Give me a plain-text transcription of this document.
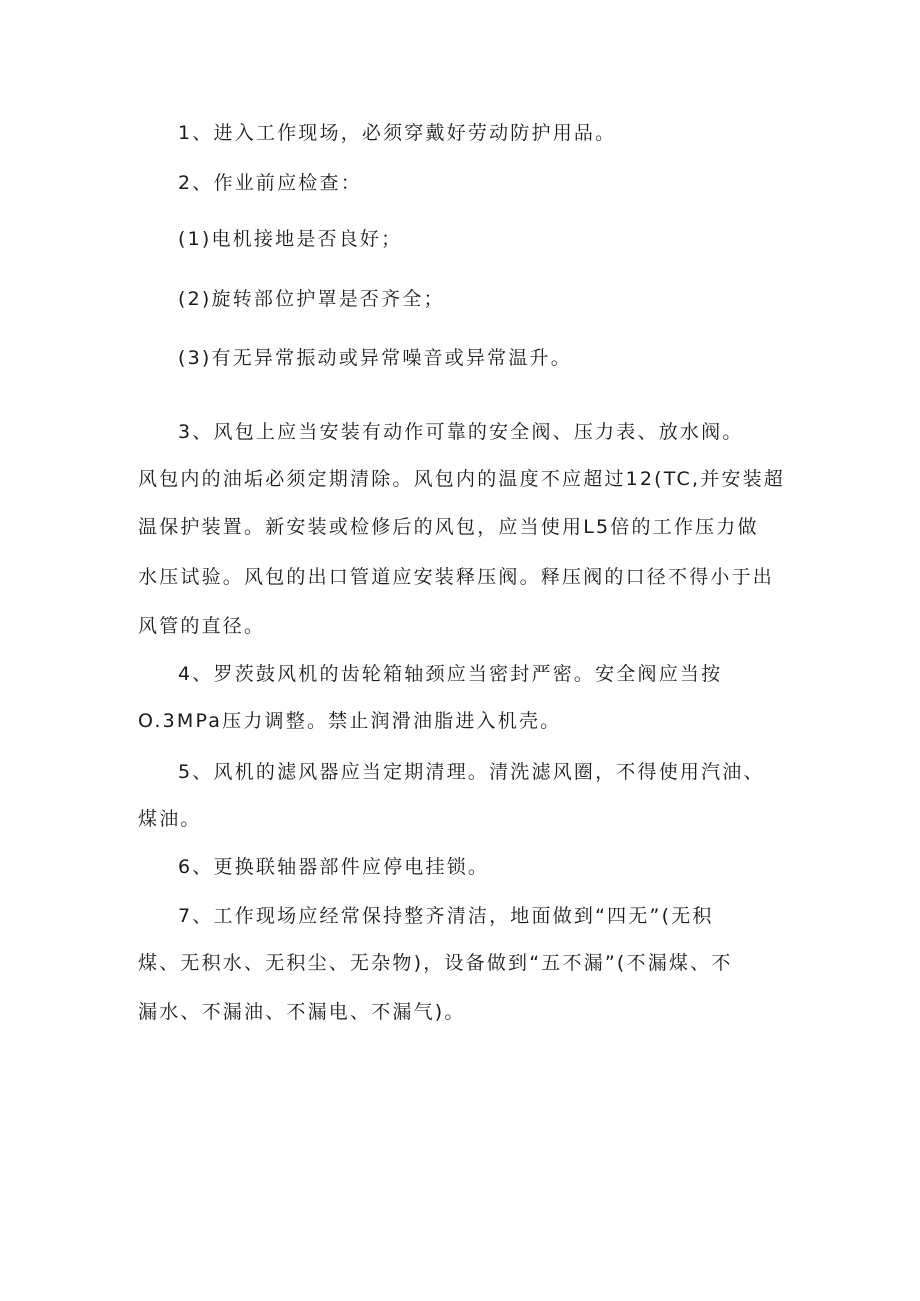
1、进入工作现场，必须穿戴好劳动防护用品。
2、作业前应检查：
(1)电机接地是否良好；
(2)旋转部位护罩是否齐全；
(3)有无异常振动或异常噪音或异常温升。
3、风包上应当安装有动作可靠的安全阀、压力表、放水阀。
风包内的油垢必须定期清除。风包内的温度不应超过12(TC,并安装超
温保护装置。新安装或检修后的风包，应当使用L5倍的工作压力做
水压试验。风包的出口管道应安装释压阀。释压阀的口径不得小于出
风管的直径。
4、罗茨鼓风机的齿轮箱轴颈应当密封严密。安全阀应当按
O.3MPa压力调整。禁止润滑油脂进入机壳。
5、风机的滤风器应当定期清理。清洗滤风圈，不得使用汽油、
煤油。
6、更换联轴器部件应停电挂锁。
7、工作现场应经常保持整齐清洁，地面做到“四无”(无积
煤、无积水、无积尘、无杂物)，设备做到“五不漏”(不漏煤、不
漏水、不漏油、不漏电、不漏气)。
